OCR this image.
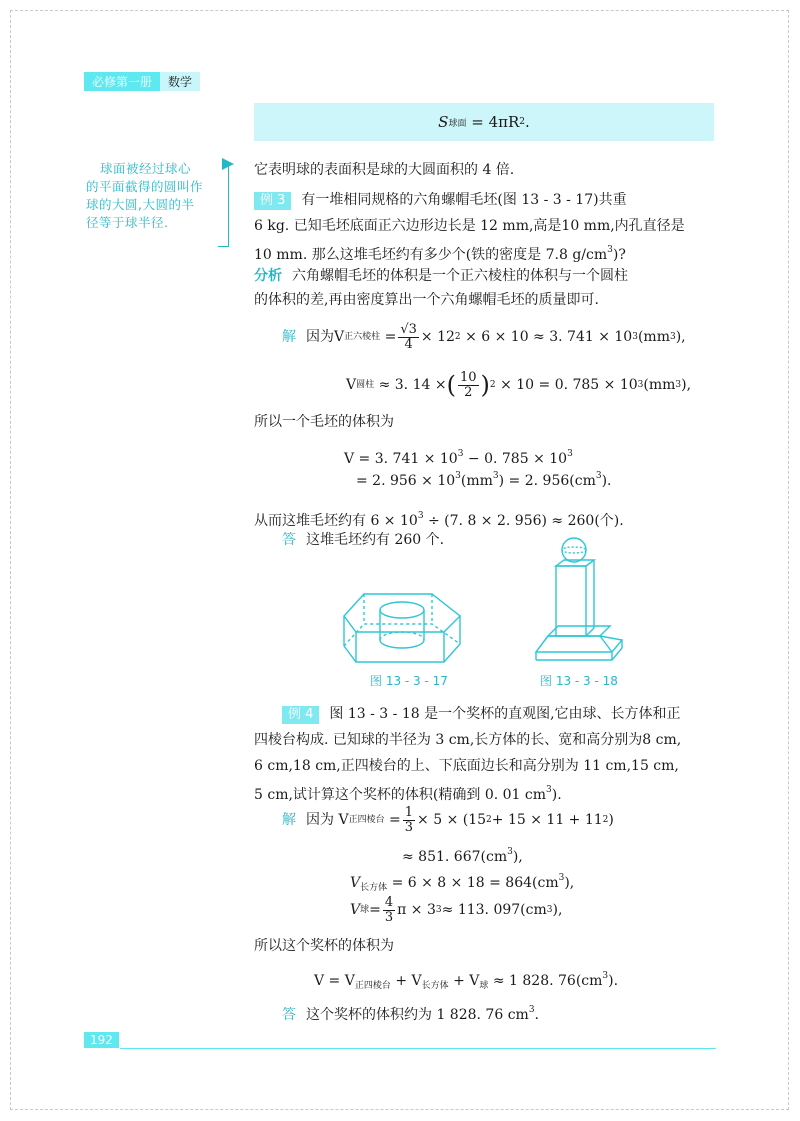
必修第一册	数学
S 球面
= 4πR 2 .
球面被经过球心
的平面截得的圆叫作
球的大圆,大圆的半
径等于球半径.
它表明球的表面积是球的大圆面积的 4 倍.
例 3 有一堆相同规格的六角螺帽毛坯(图 13 - 3 - 17)共重
6 kg. 已知毛坯底面正六边形边长是 12 mm,高是10 mm,内孔直径是
10 mm. 那么这堆毛坯约有多少个(铁的密度是 7.8 $g/cm^3$)?
分析 六角螺帽毛坯的体积是一个正六棱柱的体积与一个圆柱
的体积的差,再由密度算出一个六角螺帽毛坯的质量即可.
解 因为V 正六棱柱
= $\frac{√3}{4} \times 12$ 2
× 6 × 10 ≈ 3. 741 × 10 3 (mm 3 ),
V 圆柱
≈ 3. 14 × ( $\frac{10}{2}$ ) 2
× 10 = 0. 785 × 10 3 (mm 3 ),
所以一个毛坯的体积为
V = 3. $741 \times 10^3 - 0$. $785 \times 10^3$
= 2. $956 \times 10^3(mm^3) = 2$. $956(cm^3)$.
从而这堆毛坯约有 $6 \times 10^3 \div (7$. 8 × 2. 956) ≈ 260(个).
答 这堆毛坯约有 260 个.
图 13 - 3 - 17	图 13 - 3 - 18
例 4 图 13 - 3 - 18 是一个奖杯的直观图,它由球、长方体和正
四棱台构成. 已知球的半径为 3 cm,长方体的长、宽和高分别为8 cm,
6 cm,18 cm,正四棱台的上、下底面边长和高分别为 11 cm,15 cm,
5 cm,试计算这个奖杯的体积(精确到 0. 01 $cm^3$).
解 因为 V 正四棱台
= $\frac{1}{3} \times 5 \times (15$ 2 + 15 × 11 + 11 2 )
≈ 851. $667(cm^3)$,
$V_{长方体} = 6 \times 8 \times 18 = 864(cm^3)$,
V 球 = $\frac{4}{3}$ π × 3 3 ≈ 113. 097(cm 3 ),
所以这个奖杯的体积为
$V = V_{正四棱台} + V_{长方体} + V_球 \approx 1$ 828. $76(cm^3)$.
答 这个奖杯的体积约为 1 828. 76 $cm^3$.
192
